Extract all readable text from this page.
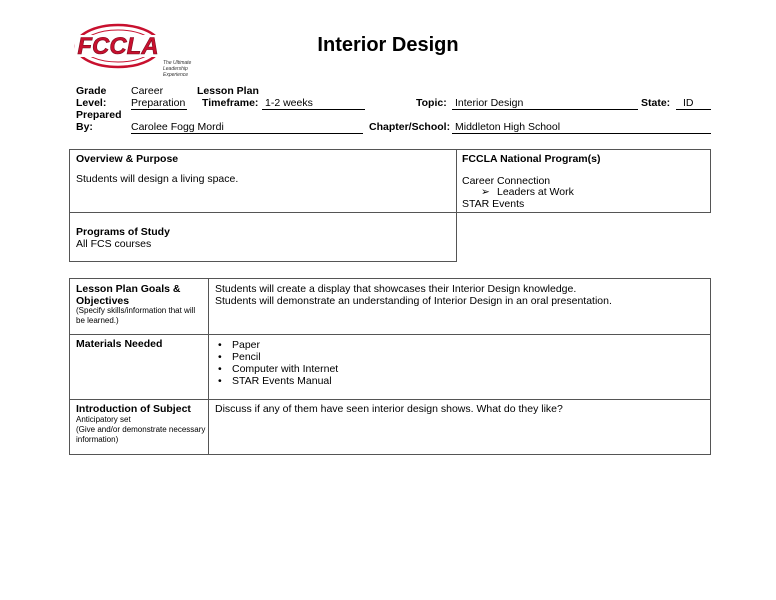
FCCLA
The Ultimate
Leadership
Experience
Interior Design
Grade
Level:
Career
Preparation
Lesson Plan
Timeframe: 1-2 weeks	Topic: Interior Design	State:	ID
Prepared
By:	Carolee Fogg Mordi	Chapter/School: Middleton High School
Overview & Purpose
Students will design a living space.
FCCLA National Program(s)
Career Connection
➢ Leaders at Work
STAR Events
Programs of Study
All FCS courses
Lesson Plan Goals &
Objectives
(Specify skills/information that will
be learned.)
Students will create a display that showcases their Interior Design knowledge.
Students will demonstrate an understanding of Interior Design in an oral presentation.
Materials Needed
•	Paper
• Pencil
• Computer with Internet
• STAR Events Manual
Introduction of Subject
Anticipatory set
(Give and/or demonstrate necessary
information)
Discuss if any of them have seen interior design shows. What do they like?
